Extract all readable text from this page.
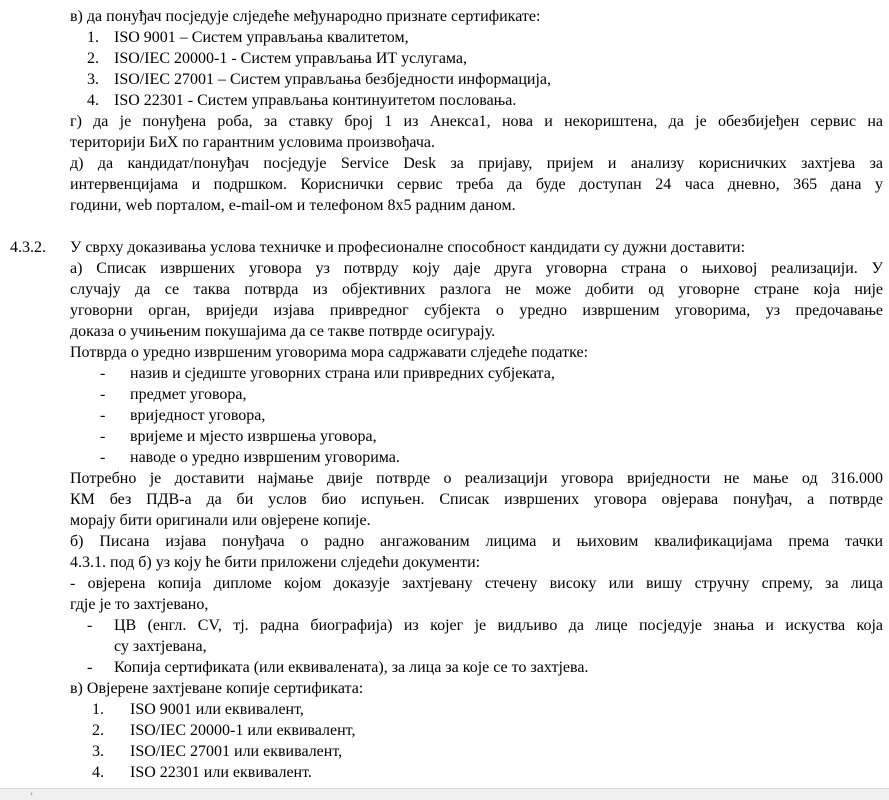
в) да понуђач посједује слједеће међународно признате сертификате:
1. ISO 9001 – Систем управљања квалитетом,
2. ISO/IEC 20000-1 - Систем управљања ИТ услугама,
3. ISO/IEC 27001 – Систем управљања безбједности информација,
4. ISO 22301 - Систем управљања континуитетом пословања.
г) да је понуђена роба, за ставку број 1 из Анекса1, нова и некориштена, да је обезбијеђен сервис на
територији БиХ по гарантним условима произвођача.
д) да кандидат/понуђач посједује Service Desk за пријаву, пријем и анализу корисничких захтјева за
интервенцијама и подршком. Кориснички сервис треба да буде доступан 24 часа дневно, 365 дана у
години, web порталом, e-mail-ом и телефоном 8х5 радним даном.
4.3.2. У сврху доказивања услова техничке и професионалне способност кандидати су дужни доставити:
а) Списак извршених уговора уз потврду коју даје друга уговорна страна о њиховој реализацији. У
случају да се таква потврда из објективних разлога не може добити од уговорне стране која није
уговорни орган, вриједи изјава привредног субјекта о уредно извршеним уговорима, уз предочавање
доказа о учињеним покушајима да се такве потврде осигурају.
Потврда о уредно извршеним уговорима мора садржавати слједеће податке:
- назив и сједиште уговорних страна или привредних субјеката,
- предмет уговора,
- вриједност уговора,
- вријеме и мјесто извршења уговора,
- наводе о уредно извршеним уговорима.
Потребно је доставити најмање двије потврде о реализацији уговора вриједности не мање од 316.000
КМ без ПДВ-а да би услов био испуњен. Списак извршених уговора овјерава понуђач, а потврде
морају бити оригинали или овјерене копије.
б) Писана изјава понуђача о радно ангажованим лицима и њиховим квалификацијама према тачки
4.3.1. под б) уз коју ће бити приложени слједећи документи:
- овјерена копија дипломе којом доказује захтјевану стечену високу или вишу стручну спрему, за лица
гдје је то захтјевано,
- ЦВ (енгл. CV, тј. радна биографија) из којег је видљиво да лице посједује знања и искуства која
су захтјевана,
- Копија сертификата (или еквивалената), за лица за које се то захтјева.
в) Овјерене захтјеване копије сертификата:
1. ISO 9001 или еквивалент,
2. ISO/IEC 20000-1 или еквивалент,
3. ISO/IEC 27001 или еквивалент,
4. ISO 22301 или еквивалент.
‚
